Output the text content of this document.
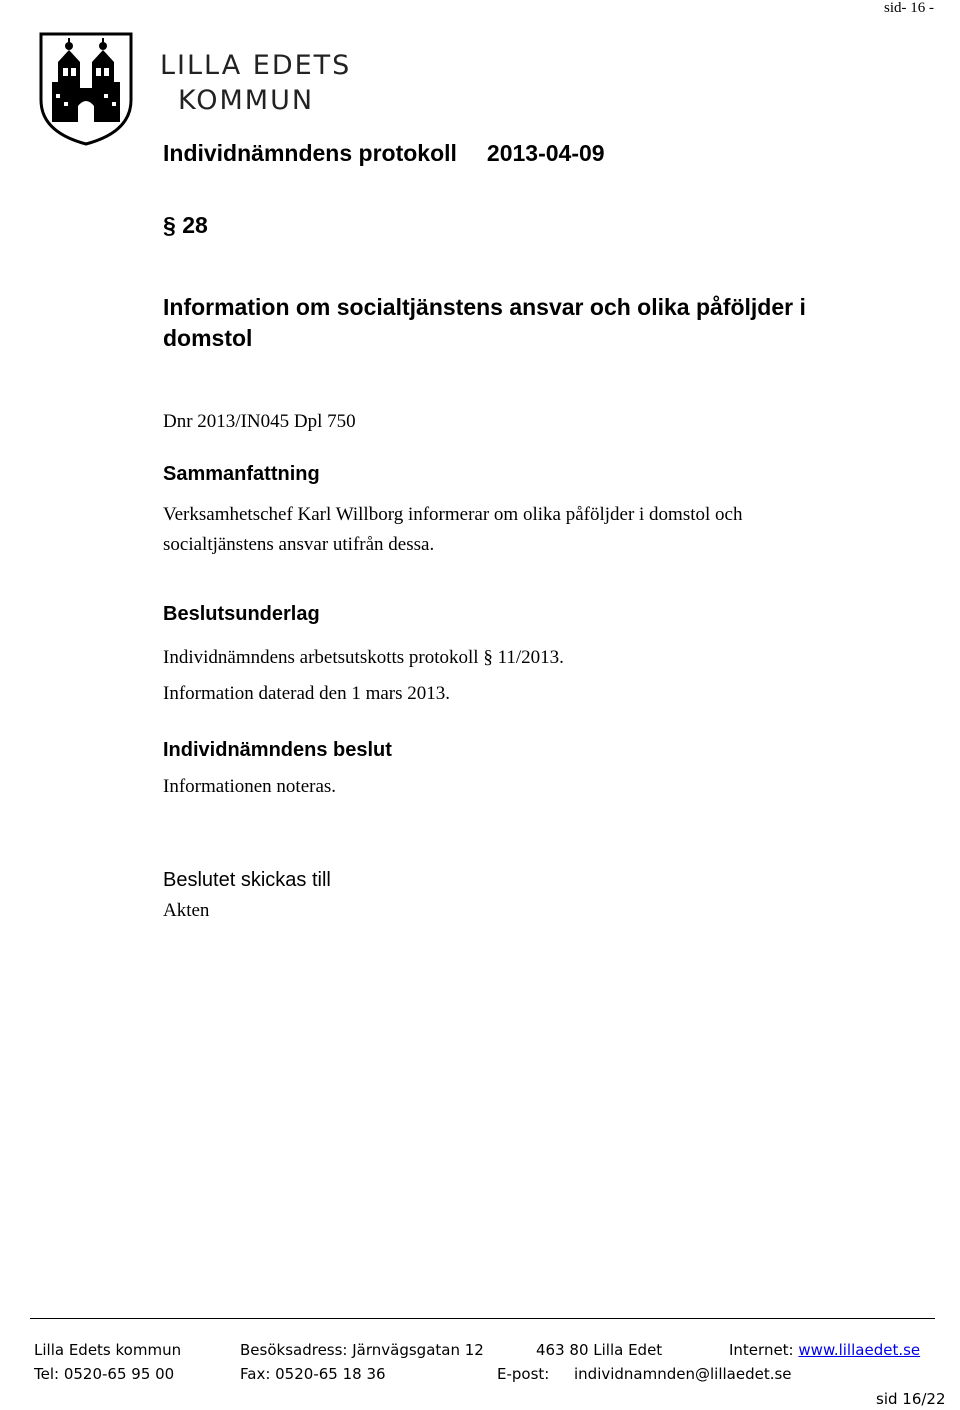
sid- 16 -
LILLA EDETS
KOMMUN
Individnämndens protokoll 2013-04-09
§ 28
Information om socialtjänstens ansvar och olika påföljder i
domstol
Dnr 2013/IN045 Dpl 750
Sammanfattning
Verksamhetschef Karl Willborg informerar om olika påföljder i domstol och
socialtjänstens ansvar utifrån dessa.
Beslutsunderlag
Individnämndens arbetsutskotts protokoll § 11/2013.
Information daterad den 1 mars 2013.
Individnämndens beslut
Informationen noteras.
Beslutet skickas till
Akten
Lilla Edets kommun	Besöksadress: Järnvägsgatan 12	463 80 Lilla Edet	Internet: www.lillaedet.se
Tel: 0520-65 95 00	Fax: 0520-65 18 36	E-post: individnamnden@lillaedet.se
sid 16/22
